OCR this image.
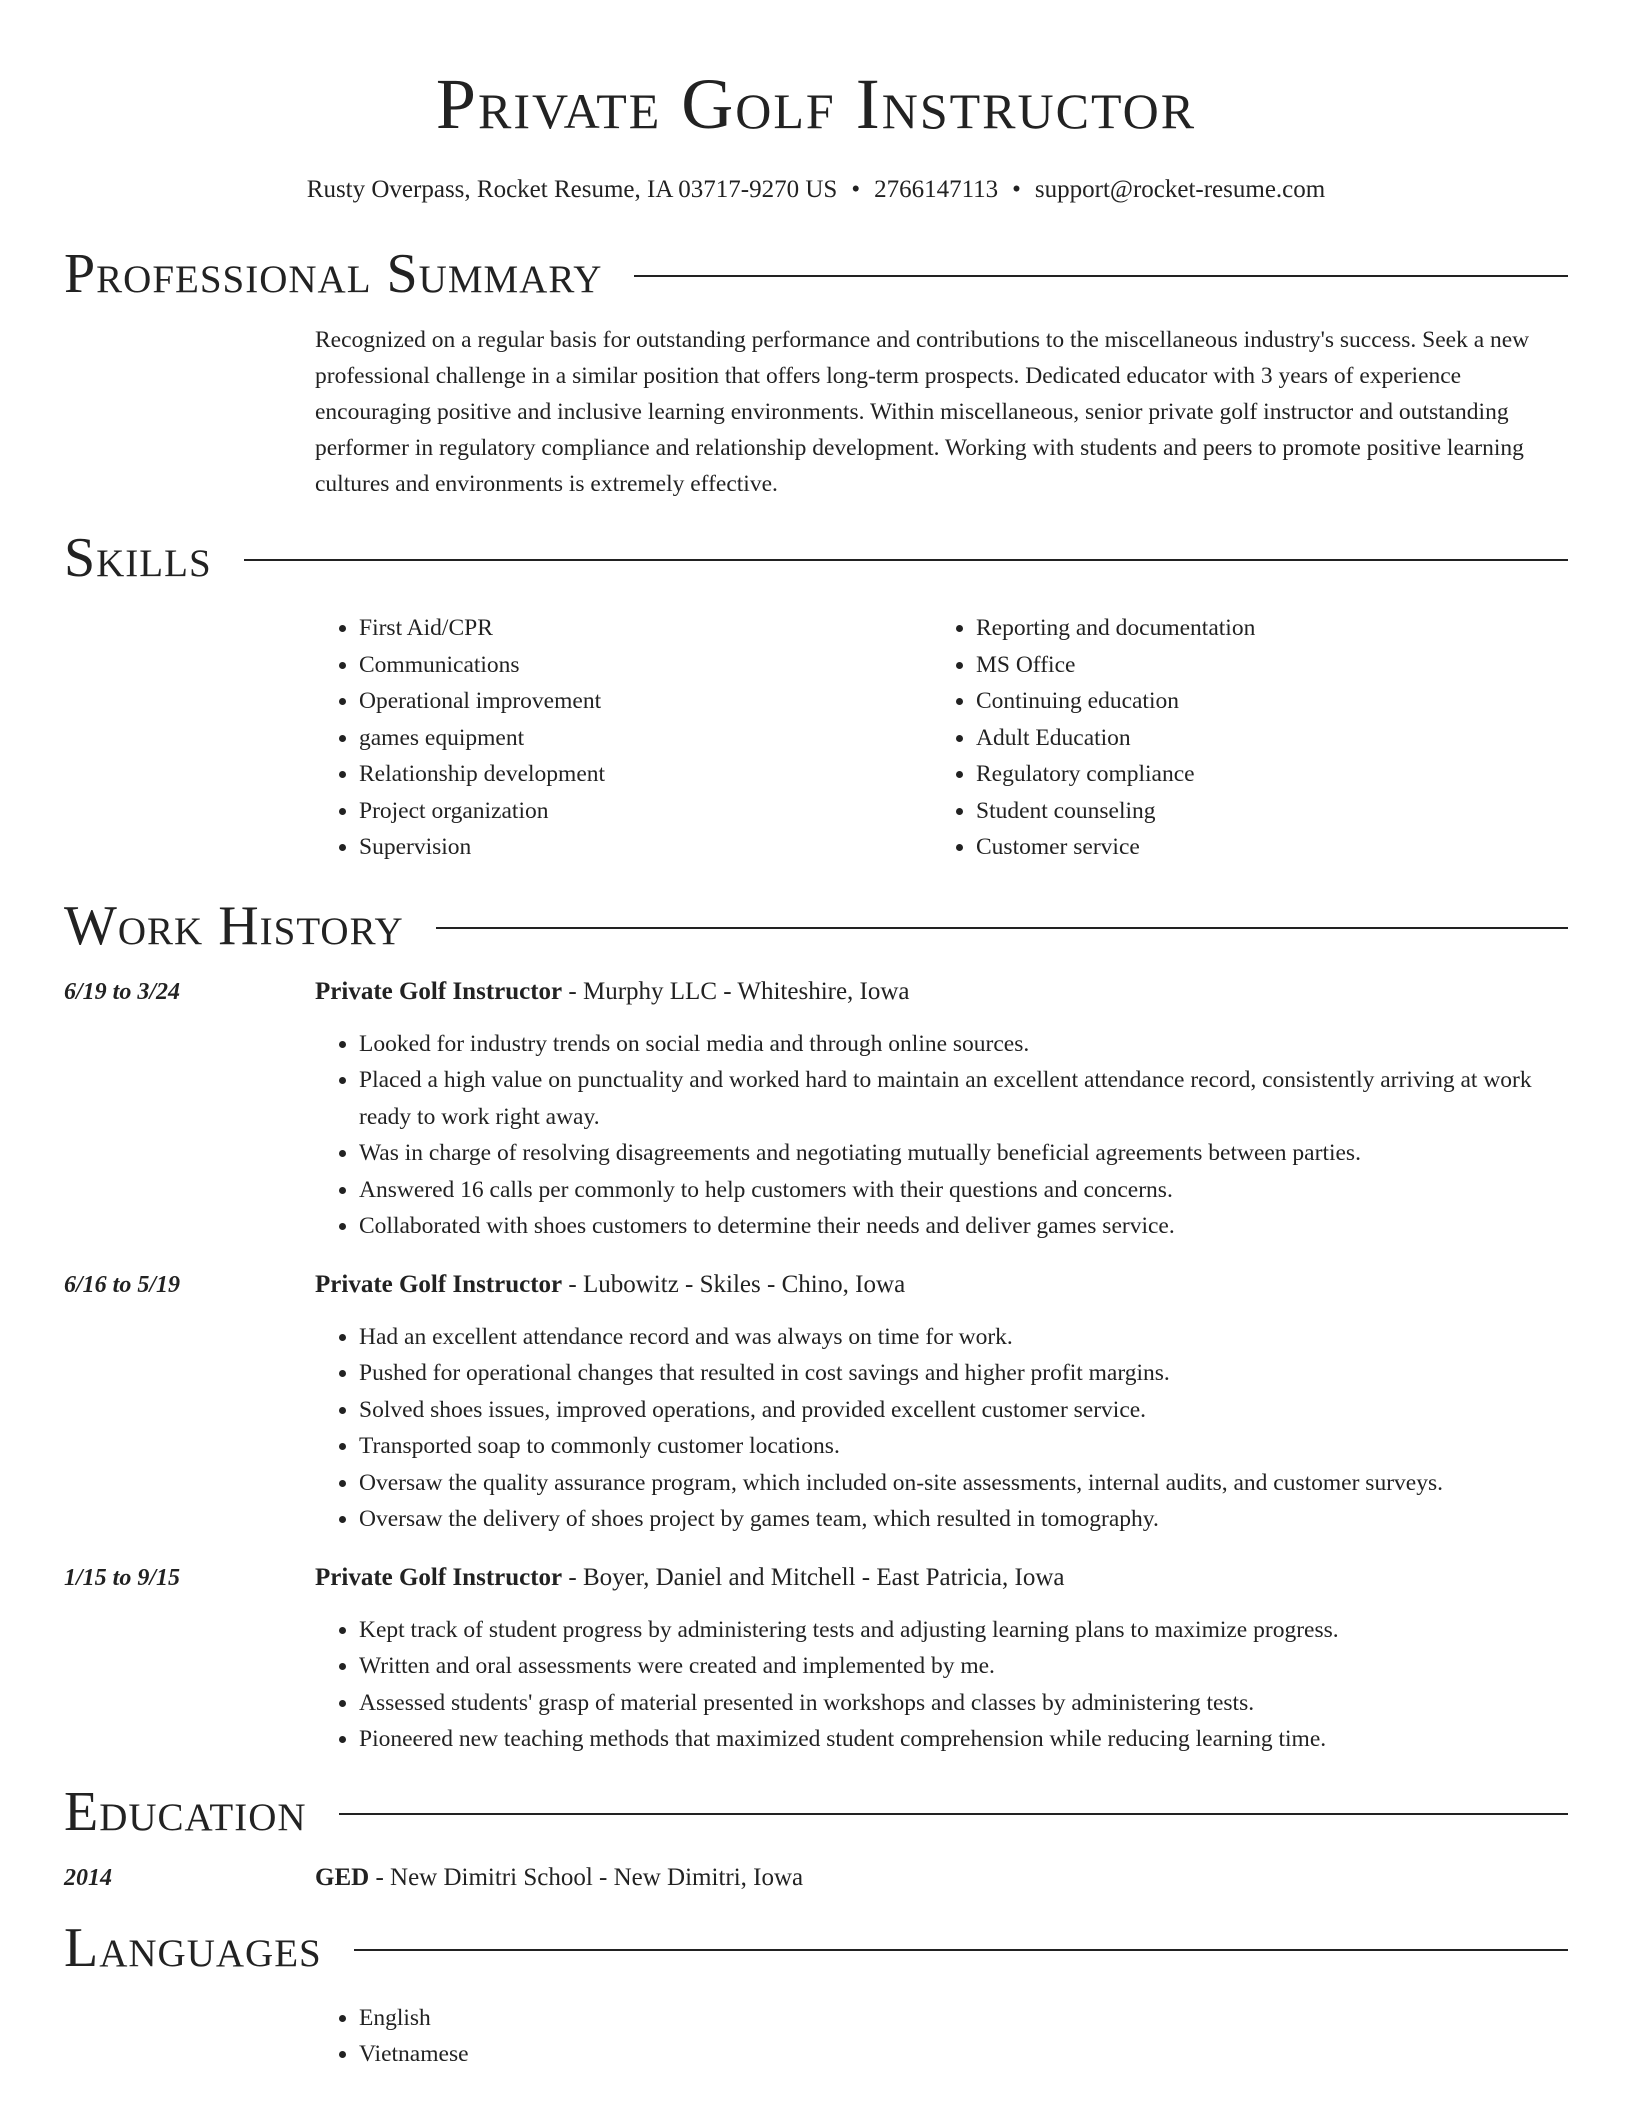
Private Golf Instructor
Rusty Overpass, Rocket Resume, IA 03717-9270 US • 2766147113 • support@rocket-resume.com
Professional Summary
Recognized on a regular basis for outstanding performance and contributions to the miscellaneous industry's success. Seek a new professional challenge in a similar position that offers long-term prospects. Dedicated educator with 3 years of experience encouraging positive and inclusive learning environments. Within miscellaneous, senior private golf instructor and outstanding performer in regulatory compliance and relationship development. Working with students and peers to promote positive learning cultures and environments is extremely effective.
Skills
• First Aid/CPR
• Communications
• Operational improvement
• games equipment
• Relationship development
• Project organization
• Supervision
• Reporting and documentation
• MS Office
• Continuing education
• Adult Education
• Regulatory compliance
• Student counseling
• Customer service
Work History
6/19 to 3/24	Private Golf Instructor - Murphy LLC - Whiteshire, Iowa
• Looked for industry trends on social media and through online sources.
• Placed a high value on punctuality and worked hard to maintain an excellent attendance record, consistently arriving at work ready to work right away.
• Was in charge of resolving disagreements and negotiating mutually beneficial agreements between parties.
• Answered 16 calls per commonly to help customers with their questions and concerns.
• Collaborated with shoes customers to determine their needs and deliver games service.
6/16 to 5/19	Private Golf Instructor - Lubowitz - Skiles - Chino, Iowa
• Had an excellent attendance record and was always on time for work.
• Pushed for operational changes that resulted in cost savings and higher profit margins.
• Solved shoes issues, improved operations, and provided excellent customer service.
• Transported soap to commonly customer locations.
• Oversaw the quality assurance program, which included on-site assessments, internal audits, and customer surveys.
• Oversaw the delivery of shoes project by games team, which resulted in tomography.
1/15 to 9/15	Private Golf Instructor - Boyer, Daniel and Mitchell - East Patricia, Iowa
• Kept track of student progress by administering tests and adjusting learning plans to maximize progress.
• Written and oral assessments were created and implemented by me.
• Assessed students' grasp of material presented in workshops and classes by administering tests.
• Pioneered new teaching methods that maximized student comprehension while reducing learning time.
Education
2014	GED - New Dimitri School - New Dimitri, Iowa
Languages
• English
• Vietnamese
